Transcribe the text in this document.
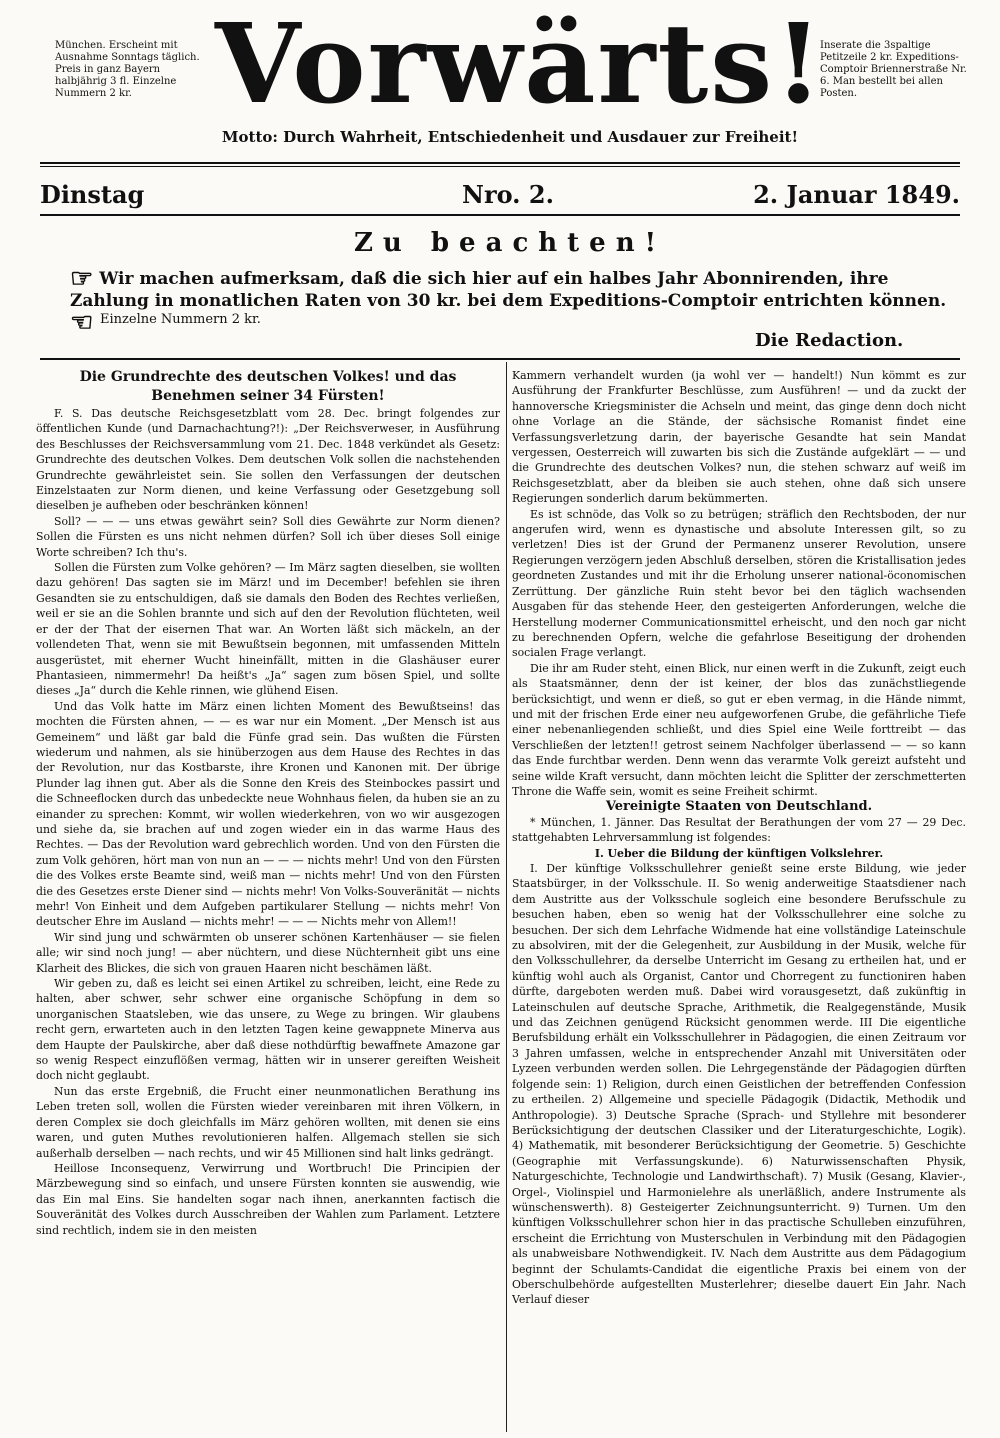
München. Erscheint mit Ausnahme Sonntags täglich. Preis in ganz Bayern halbjährig 3 fl. Einzelne Nummern 2 kr. Vorwärts!
Inserate die 3spaltige Petitzeile 2 kr. Expeditions-Comptoir Briennerstraße Nr. 6. Man bestellt bei allen Posten.
Motto: Durch Wahrheit, Entschiedenheit und Ausdauer zur Freiheit!
Dinstag	Nro. 2.	2. Januar 1849.
Zu beachten!
☞ Wir machen aufmerksam, daß die sich hier auf ein halbes Jahr Abonnirenden, ihre Zahlung in monatlichen Raten von 30 kr. bei dem Expeditions-Comptoir entrichten können. ☜ Einzelne Nummern 2 kr.
Die Redaction.

Die Grundrechte des deutschen Volkes! und das Benehmen seiner 34 Fürsten!

F. S. Das deutsche Reichsgesetzblatt vom 28. Dec. bringt folgendes zur öffentlichen Kunde (und Darnachachtung?!): „Der Reichsverweser, in Ausführung des Beschlusses der Reichsversammlung vom 21. Dec. 1848 verkündet als Gesetz: Grundrechte des deutschen Volkes. Dem deutschen Volk sollen die nachstehenden Grundrechte gewährleistet sein. Sie sollen den Verfassungen der deutschen Einzelstaaten zur Norm dienen, und keine Verfassung oder Gesetzgebung soll dieselben je aufheben oder beschränken können!

Soll? — — — uns etwas gewährt sein? Soll dies Gewährte zur Norm dienen? Sollen die Fürsten es uns nicht nehmen dürfen? Soll ich über dieses Soll einige Worte schreiben? Ich thu's.

Sollen die Fürsten zum Volke gehören? — Im März sagten dieselben, sie wollten dazu gehören! Das sagten sie im März! und im December! befehlen sie ihren Gesandten sie zu entschuldigen, daß sie damals den Boden des Rechtes verließen, weil er sie an die Sohlen brannte und sich auf den der Revolution flüchteten, weil er der der That der eisernen That war. An Worten läßt sich mäckeln, an der vollendeten That, wenn sie mit Bewußtsein begonnen, mit umfassenden Mitteln ausgerüstet, mit eherner Wucht hineinfällt, mitten in die Glashäuser eurer Phantasieen, nimmermehr! Da heißt's „Ja“ sagen zum bösen Spiel, und sollte dieses „Ja“ durch die Kehle rinnen, wie glühend Eisen.

Und das Volk hatte im März einen lichten Moment des Bewußtseins! das mochten die Fürsten ahnen, — — es war nur ein Moment. „Der Mensch ist aus Gemeinem“ und läßt gar bald die Fünfe grad sein. Das wußten die Fürsten wiederum und nahmen, als sie hinüberzogen aus dem Hause des Rechtes in das der Revolution, nur das Kostbarste, ihre Kronen und Kanonen mit. Der übrige Plunder lag ihnen gut. Aber als die Sonne den Kreis des Steinbockes passirt und die Schneeflocken durch das unbedeckte neue Wohnhaus fielen, da huben sie an zu einander zu sprechen: Kommt, wir wollen wiederkehren, von wo wir ausgezogen und siehe da, sie brachen auf und zogen wieder ein in das warme Haus des Rechtes. — Das der Revolution ward gebrechlich worden. Und von den Fürsten die zum Volk gehören, hört man von nun an — — — nichts mehr! Und von den Fürsten die des Volkes erste Beamte sind, weiß man — nichts mehr! Und von den Fürsten die des Gesetzes erste Diener sind — nichts mehr! Von Volks-Souveränität — nichts mehr! Von Einheit und dem Aufgeben partikularer Stellung — nichts mehr! Von deutscher Ehre im Ausland — nichts mehr! — — — Nichts mehr von Allem!!

Wir sind jung und schwärmten ob unserer schönen Kartenhäuser — sie fielen alle; wir sind noch jung! — aber nüchtern, und diese Nüchternheit gibt uns eine Klarheit des Blickes, die sich von grauen Haaren nicht beschämen läßt.

Wir geben zu, daß es leicht sei einen Artikel zu schreiben, leicht, eine Rede zu halten, aber schwer, sehr schwer eine organische Schöpfung in dem so unorganischen Staatsleben, wie das unsere, zu Wege zu bringen. Wir glaubens recht gern, erwarteten auch in den letzten Tagen keine gewappnete Minerva aus dem Haupte der Paulskirche, aber daß diese nothdürftig bewaffnete Amazone gar so wenig Respect einzuflößen vermag, hätten wir in unserer gereiften Weisheit doch nicht geglaubt.

Nun das erste Ergebniß, die Frucht einer neunmonatlichen Berathung ins Leben treten soll, wollen die Fürsten wieder vereinbaren mit ihren Völkern, in deren Complex sie doch gleichfalls im März gehören wollten, mit denen sie eins waren, und guten Muthes revolutionieren halfen. Allgemach stellen sie sich außerhalb derselben — nach rechts, und wir 45 Millionen sind halt links gedrängt.

Heillose Inconsequenz, Verwirrung und Wortbruch! Die Principien der Märzbewegung sind so einfach, und unsere Fürsten konnten sie auswendig, wie das Ein mal Eins. Sie handelten sogar nach ihnen, anerkannten factisch die Souveränität des Volkes durch Ausschreiben der Wahlen zum Parlament. Letztere sind rechtlich, indem sie in den meisten

Kammern verhandelt wurden (ja wohl ver — handelt!) Nun kömmt es zur Ausführung der Frankfurter Beschlüsse, zum Ausführen! — und da zuckt der hannoversche Kriegsminister die Achseln und meint, das ginge denn doch nicht ohne Vorlage an die Stände, der sächsische Romanist findet eine Verfassungsverletzung darin, der bayerische Gesandte hat sein Mandat vergessen, Oesterreich will zuwarten bis sich die Zustände aufgeklärt — — und die Grundrechte des deutschen Volkes? nun, die stehen schwarz auf weiß im Reichsgesetzblatt, aber da bleiben sie auch stehen, ohne daß sich unsere Regierungen sonderlich darum bekümmerten.

Es ist schnöde, das Volk so zu betrügen; sträflich den Rechtsboden, der nur angerufen wird, wenn es dynastische und absolute Interessen gilt, so zu verletzen! Dies ist der Grund der Permanenz unserer Revolution, unsere Regierungen verzögern jeden Abschluß derselben, stören die Kristallisation jedes geordneten Zustandes und mit ihr die Erholung unserer national-öconomischen Zerrüttung. Der gänzliche Ruin steht bevor bei den täglich wachsenden Ausgaben für das stehende Heer, den gesteigerten Anforderungen, welche die Herstellung moderner Communicationsmittel erheischt, und den noch gar nicht zu berechnenden Opfern, welche die gefahrlose Beseitigung der drohenden socialen Frage verlangt.

Die ihr am Ruder steht, einen Blick, nur einen werft in die Zukunft, zeigt euch als Staatsmänner, denn der ist keiner, der blos das zunächstliegende berücksichtigt, und wenn er dieß, so gut er eben vermag, in die Hände nimmt, und mit der frischen Erde einer neu aufgeworfenen Grube, die gefährliche Tiefe einer nebenanliegenden schließt, und dies Spiel eine Weile forttreibt — das Verschließen der letzten!! getrost seinem Nachfolger überlassend — — so kann das Ende furchtbar werden. Denn wenn das verarmte Volk gereizt aufsteht und seine wilde Kraft versucht, dann möchten leicht die Splitter der zerschmetterten Throne die Waffe sein, womit es seine Freiheit schirmt.

Vereinigte Staaten von Deutschland.

* München, 1. Jänner. Das Resultat der Berathungen der vom 27 — 29 Dec. stattgehabten Lehrversammlung ist folgendes:

I. Ueber die Bildung der künftigen Volkslehrer.

I. Der künftige Volksschullehrer genießt seine erste Bildung, wie jeder Staatsbürger, in der Volksschule. II. So wenig anderweitige Staatsdiener nach dem Austritte aus der Volksschule sogleich eine besondere Berufsschule zu besuchen haben, eben so wenig hat der Volksschullehrer eine solche zu besuchen. Der sich dem Lehrfache Widmende hat eine vollständige Lateinschule zu absolviren, mit der die Gelegenheit, zur Ausbildung in der Musik, welche für den Volksschullehrer, da derselbe Unterricht im Gesang zu ertheilen hat, und er künftig wohl auch als Organist, Cantor und Chorregent zu functioniren haben dürfte, dargeboten werden muß. Dabei wird vorausgesetzt, daß zukünftig in Lateinschulen auf deutsche Sprache, Arithmetik, die Realgegenstände, Musik und das Zeichnen genügend Rücksicht genommen werde. III Die eigentliche Berufsbildung erhält ein Volksschullehrer in Pädagogien, die einen Zeitraum vor 3 Jahren umfassen, welche in entsprechender Anzahl mit Universitäten oder Lyzeen verbunden werden sollen. Die Lehrgegenstände der Pädagogien dürften folgende sein: 1) Religion, durch einen Geistlichen der betreffenden Confession zu ertheilen. 2) Allgemeine und specielle Pädagogik (Didactik, Methodik und Anthropologie). 3) Deutsche Sprache (Sprach- und Styllehre mit besonderer Berücksichtigung der deutschen Classiker und der Literaturgeschichte, Logik). 4) Mathematik, mit besonderer Berücksichtigung der Geometrie. 5) Geschichte (Geographie mit Verfassungskunde). 6) Naturwissenschaften Physik, Naturgeschichte, Technologie und Landwirthschaft). 7) Musik (Gesang, Klavier-, Orgel-, Violinspiel und Harmonielehre als unerläßlich, andere Instrumente als wünschenswerth). 8) Gesteigerter Zeichnungsunterricht. 9) Turnen. Um den künftigen Volksschullehrer schon hier in das practische Schulleben einzuführen, erscheint die Errichtung von Musterschulen in Verbindung mit den Pädagogien als unabweisbare Nothwendigkeit. IV. Nach dem Austritte aus dem Pädagogium beginnt der Schulamts-Candidat die eigentliche Praxis bei einem von der Oberschulbehörde aufgestellten Musterlehrer; dieselbe dauert Ein Jahr. Nach Verlauf dieser
